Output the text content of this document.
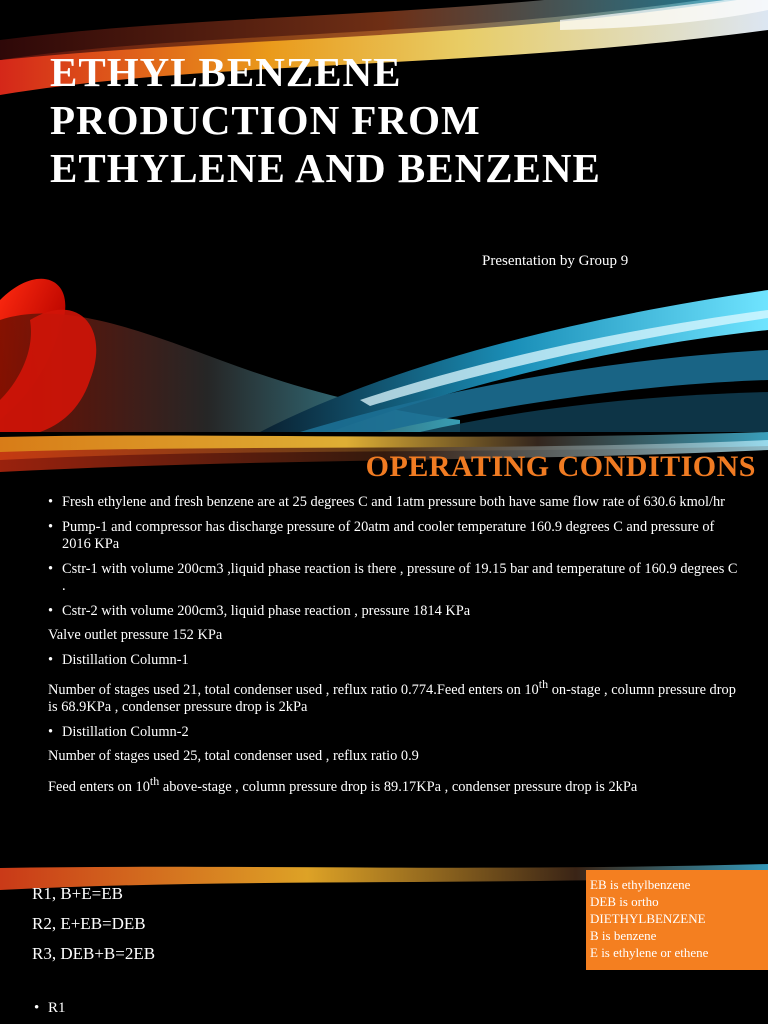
ETHYLBENZENE
PRODUCTION FROM
ETHYLENE AND BENZENE
Presentation by Group 9
OPERATING CONDITIONS

• Fresh ethylene and fresh benzene are at 25 degrees C and 1atm pressure both have same flow rate of 630.6 kmol/hr

• Pump-1 and compressor has discharge pressure of 20atm and cooler temperature 160.9 degrees C and pressure of 2016 KPa

• Cstr-1 with volume 200cm3 ,liquid phase reaction is there , pressure of 19.15 bar and temperature of 160.9 degrees C .

• Cstr-2 with volume 200cm3, liquid phase reaction , pressure 1814 KPa

Valve outlet pressure 152 KPa

• Distillation Column-1

Number of stages used 21, total condenser used , reflux ratio 0.774.Feed enters on 10th on-stage , column pressure drop is 68.9KPa , condenser pressure drop is 2kPa

• Distillation Column-2

Number of stages used 25, total condenser used , reflux ratio 0.9

Feed enters on 10th above-stage , column pressure drop is 89.17KPa , condenser pressure drop is 2kPa

R1, B+E=EB
R2, E+EB=DEB
R3, DEB+B=2EB
EB is ethylbenzene
DEB is ortho
DIETHYLBENZENE
B is benzene
E is ethylene or ethene
• R1
